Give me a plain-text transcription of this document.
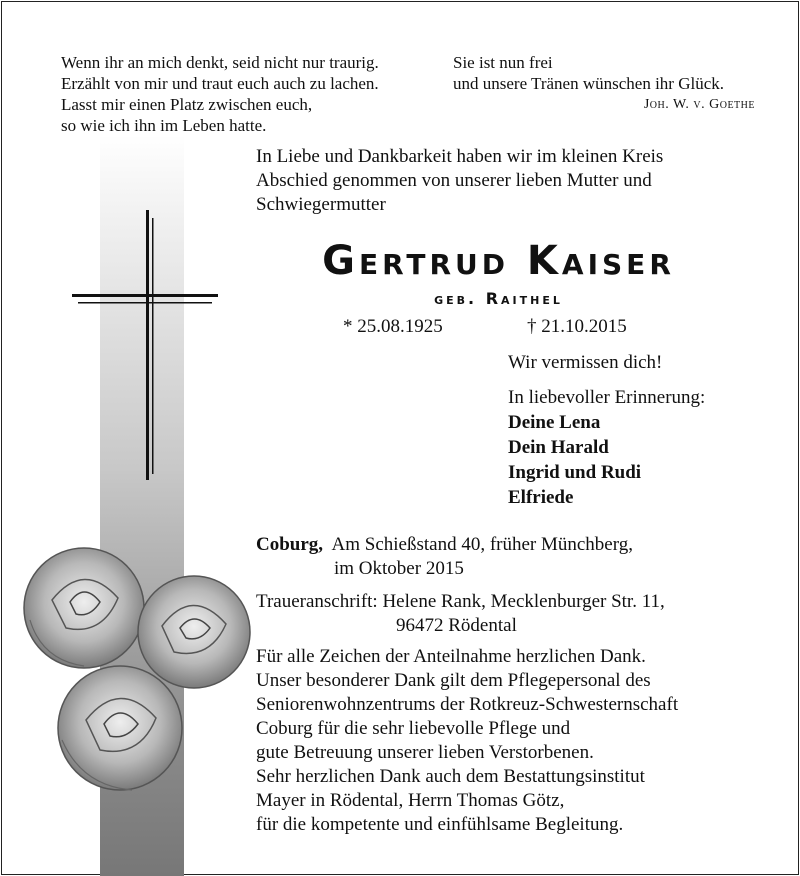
Wenn ihr an mich denkt, seid nicht nur traurig.
Erzählt von mir und traut euch auch zu lachen.
Lasst mir einen Platz zwischen euch,
so wie ich ihn im Leben hatte.
Sie ist nun frei
und unsere Tränen wünschen ihr Glück.
Joh. W. v. Goethe
In Liebe und Dankbarkeit haben wir im kleinen Kreis
Abschied genommen von unserer lieben Mutter und
Schwiegermutter
Gertrud Kaiser
geb. Raithel
* 25.08.1925	† 21.10.2015
Wir vermissen dich!
In liebevoller Erinnerung:
Deine Lena
Dein Harald
Ingrid und Rudi
Elfriede
Coburg, Am Schießstand 40, früher Münchberg,
im Oktober 2015
Traueranschrift: Helene Rank, Mecklenburger Str. 11,
96472 Rödental
Für alle Zeichen der Anteilnahme herzlichen Dank.
Unser besonderer Dank gilt dem Pflegepersonal des
Seniorenwohnzentrums der Rotkreuz-Schwesternschaft
Coburg für die sehr liebevolle Pflege und
gute Betreuung unserer lieben Verstorbenen.
Sehr herzlichen Dank auch dem Bestattungsinstitut
Mayer in Rödental, Herrn Thomas Götz,
für die kompetente und einfühlsame Begleitung.
